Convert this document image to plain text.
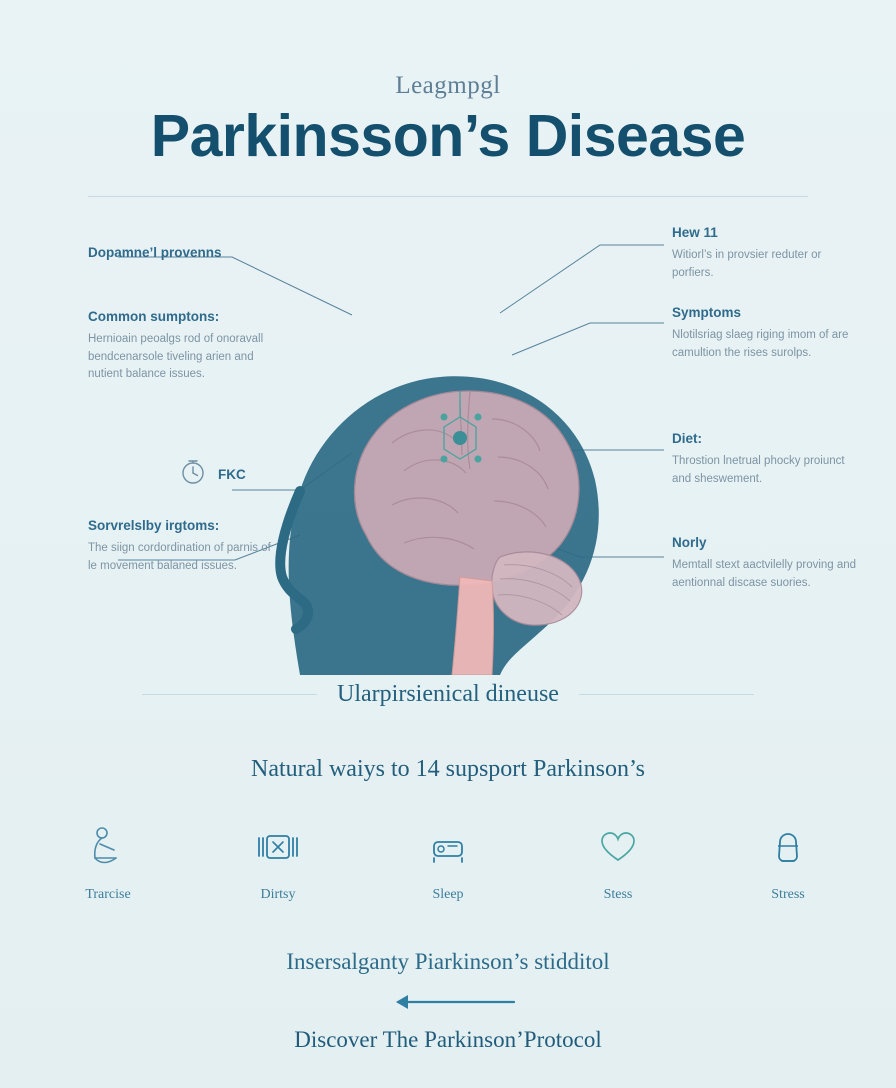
Leagmpgl
Parkinsson’s Disease
Dopamne’l provenns
Common sumptons:
Hernioain peoalgs rod of onoravall bendcenarsole tiveling arien and nutient balance issues.
FKC
Sorvrelslby irgtoms:
The siign cordordination of parnis of le movement balaned issues.
Hew 11
Witiorl’s in provsier reduter or porfiers.
Symptoms
Nlotilsriag slaeg riging imom of are camultion the rises surolps.
Diet:
Throstion lnetrual phocky proiunct and sheswement.
Norly
Memtall stext aactvilelly proving and aentionnal discase suories.
Ularpirsienical dineuse
Natural waiys to 14 supsport Parkinson’s
Trarcise	Dirtsy	Sleep	Stess	Stress
Insersalganty Piarkinson’s stidditol
Discover The Parkinson’Protocol
